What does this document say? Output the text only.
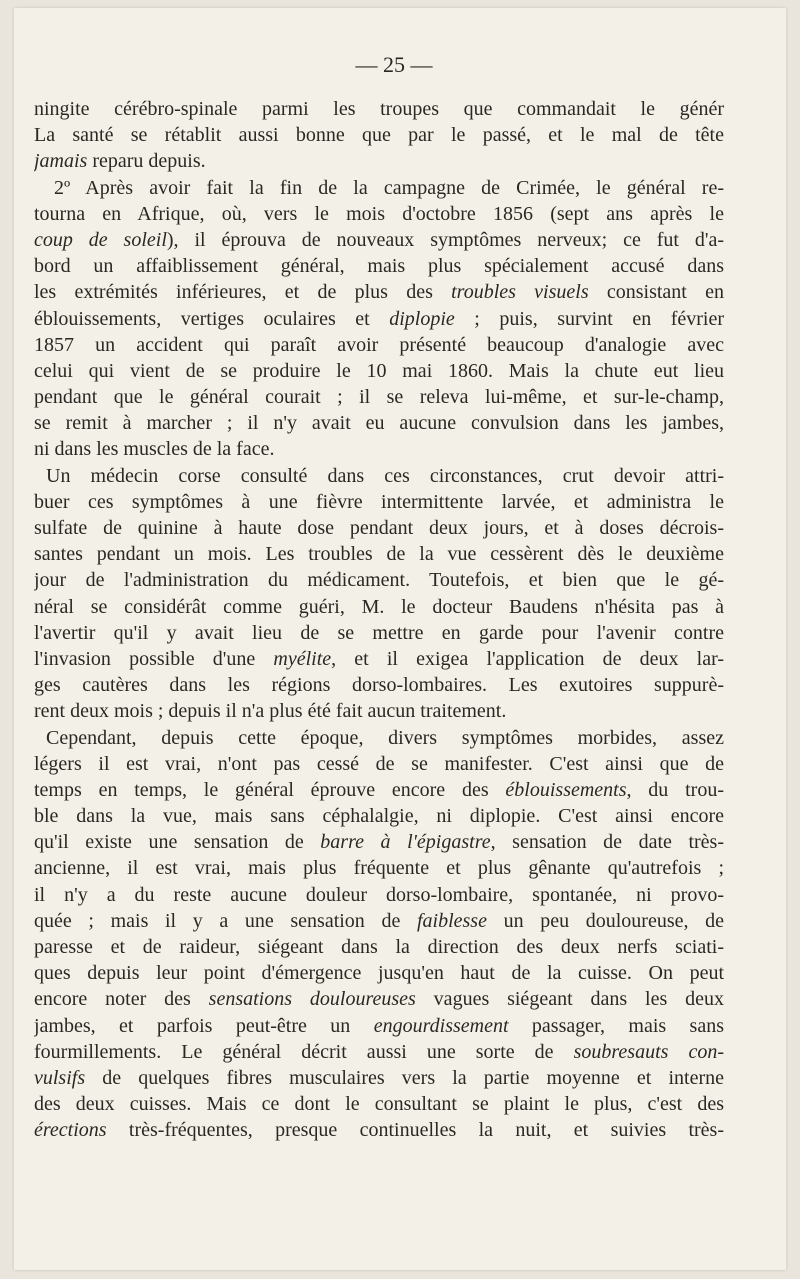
— 25 —
ningite cérébro-spinale parmi les troupes que commandait le génér
La santé se rétablit aussi bonne que par le passé, et le mal de tête
jamais reparu depuis.
2º Après avoir fait la fin de la campagne de Crimée, le général re-
tourna en Afrique, où, vers le mois d'octobre 1856 (sept ans après le
coup de soleil), il éprouva de nouveaux symptômes nerveux; ce fut d'a-
bord un affaiblissement général, mais plus spécialement accusé dans
les extrémités inférieures, et de plus des troubles visuels consistant en
éblouissements, vertiges oculaires et diplopie ; puis, survint en février
1857 un accident qui paraît avoir présenté beaucoup d'analogie avec
celui qui vient de se produire le 10 mai 1860. Mais la chute eut lieu
pendant que le général courait ; il se releva lui-même, et sur-le-champ,
se remit à marcher ; il n'y avait eu aucune convulsion dans les jambes,
ni dans les muscles de la face.
Un médecin corse consulté dans ces circonstances, crut devoir attri-
buer ces symptômes à une fièvre intermittente larvée, et administra le
sulfate de quinine à haute dose pendant deux jours, et à doses décrois-
santes pendant un mois. Les troubles de la vue cessèrent dès le deuxième
jour de l'administration du médicament. Toutefois, et bien que le gé-
néral se considérât comme guéri, M. le docteur Baudens n'hésita pas à
l'avertir qu'il y avait lieu de se mettre en garde pour l'avenir contre
l'invasion possible d'une myélite, et il exigea l'application de deux lar-
ges cautères dans les régions dorso-lombaires. Les exutoires suppurè-
rent deux mois ; depuis il n'a plus été fait aucun traitement.
Cependant, depuis cette époque, divers symptômes morbides, assez
légers il est vrai, n'ont pas cessé de se manifester. C'est ainsi que de
temps en temps, le général éprouve encore des éblouissements, du trou-
ble dans la vue, mais sans céphalalgie, ni diplopie. C'est ainsi encore
qu'il existe une sensation de barre à l'épigastre, sensation de date très-
ancienne, il est vrai, mais plus fréquente et plus gênante qu'autrefois ;
il n'y a du reste aucune douleur dorso-lombaire, spontanée, ni provo-
quée ; mais il y a une sensation de faiblesse un peu douloureuse, de
paresse et de raideur, siégeant dans la direction des deux nerfs sciati-
ques depuis leur point d'émergence jusqu'en haut de la cuisse. On peut
encore noter des sensations douloureuses vagues siégeant dans les deux
jambes, et parfois peut-être un engourdissement passager, mais sans
fourmillements. Le général décrit aussi une sorte de soubresauts con-
vulsifs de quelques fibres musculaires vers la partie moyenne et interne
des deux cuisses. Mais ce dont le consultant se plaint le plus, c'est des
érections très-fréquentes, presque continuelles la nuit, et suivies très-
